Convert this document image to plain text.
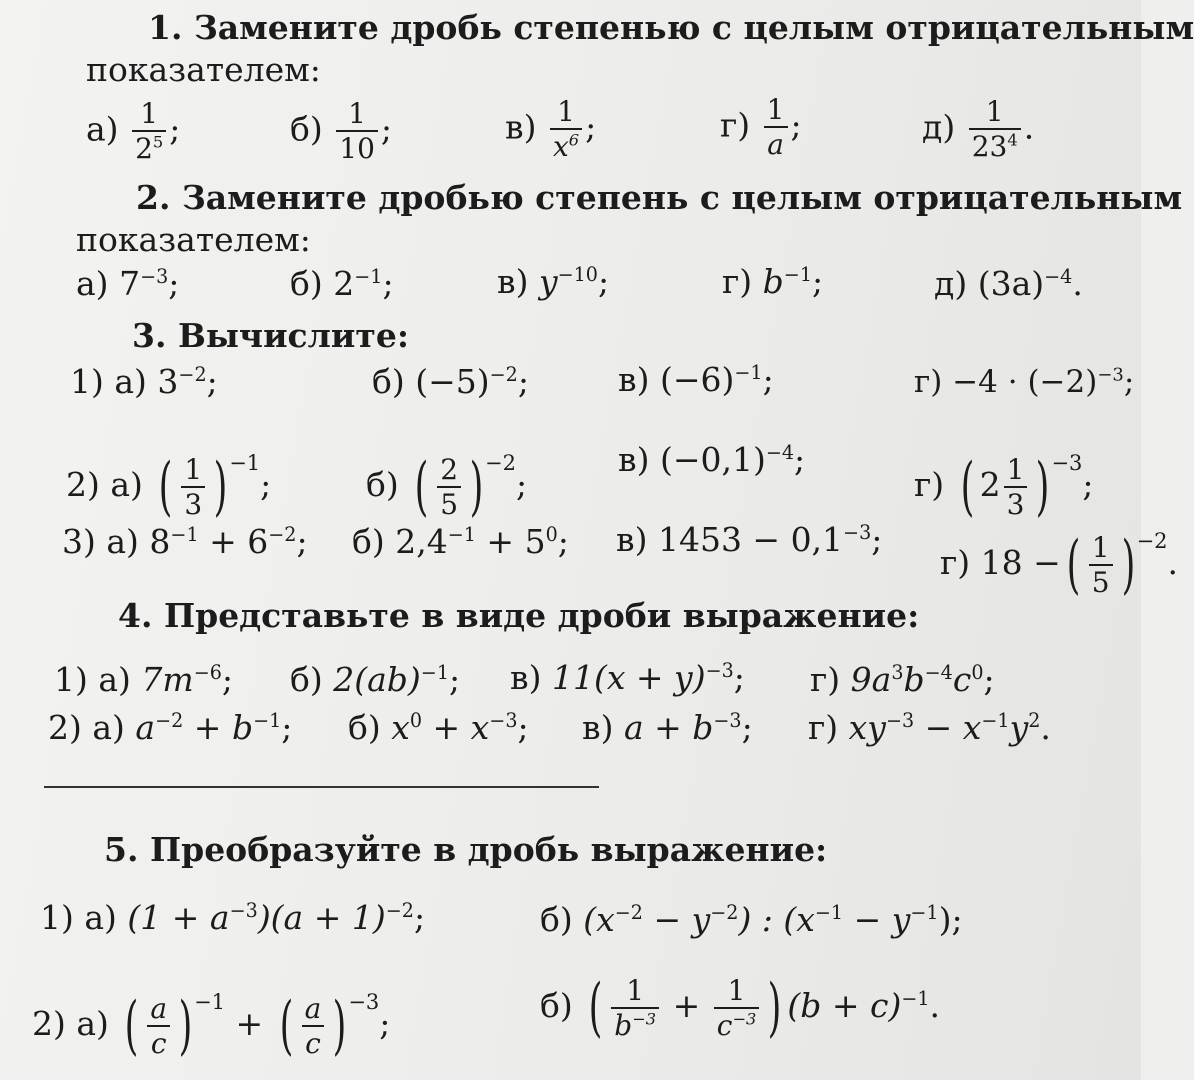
1. Замените дробь степенью с целым отрицательным
показателем:
$а) \frac{1}{2^5}$ ;	$б) \frac{1}{10}$ ;	$в) \frac{1}{x^6}$ ;	$г) \frac{1}{a}$ ;	$д) \frac{1}{23^4}$ .
2. Замените дробью степень с целым отрицательным
показателем:
а) $7^{-3}$;	б) $2^{-1}$;	в) $y^{-10}$;	г) $b^{-1}$;	д) $(3a)^{-4}$.
3. Вычислите:
1) а) $3^{-2}$;	б) $(-5)^{-2}$;	в) $(-6)^{-1}$;	$г) -4 \cdot (-2)^{-3}$;
2) а) ( $\frac{1}{3} )^{-1}$;	б) ( $\frac{2}{5} )^{-2}$;
в) $(-0,1)^{-4}$;
г) ( $2 \frac{1}{3} )^{-3}$;
3) а) $8^{-1} + 6^{-2}$; б) $2,4^{-1} + 5^0$; в) $1453 - 0,1^{-3}$;
г) 18 −( $\frac{1}{5} )^{-2}$.
4. Представьте в виде дроби выражение:
1) а) $7m^{-6}$; б) 2(ab)$^{-1}$; в) $11(x + y)^{-3}$; г) $9a^3b^{-4}c^0$;
2) а) $a^{-2} + b^{-1}$; б) $x^0 + x^{-3}$; в) $a + b^{-3}$; г) $xy^{-3} - x^{-1}y^2$.
5. Преобразуйте в дробь выражение:
1) а) $(1 + a^{-3})(a + 1)^{-2}$;	б) $(x^{-2} - y^{-2})$ : $(x^{-1} - y^{-1})$;
2) а) ( $\frac{a}{c} )^{-1}$ + ( $\frac{a}{c} )^{-3}$;	б) ( $\frac{1}{b^{-3}} + \frac{1}{c^{-3}}$ ) $(b + c)^{-1}$.
